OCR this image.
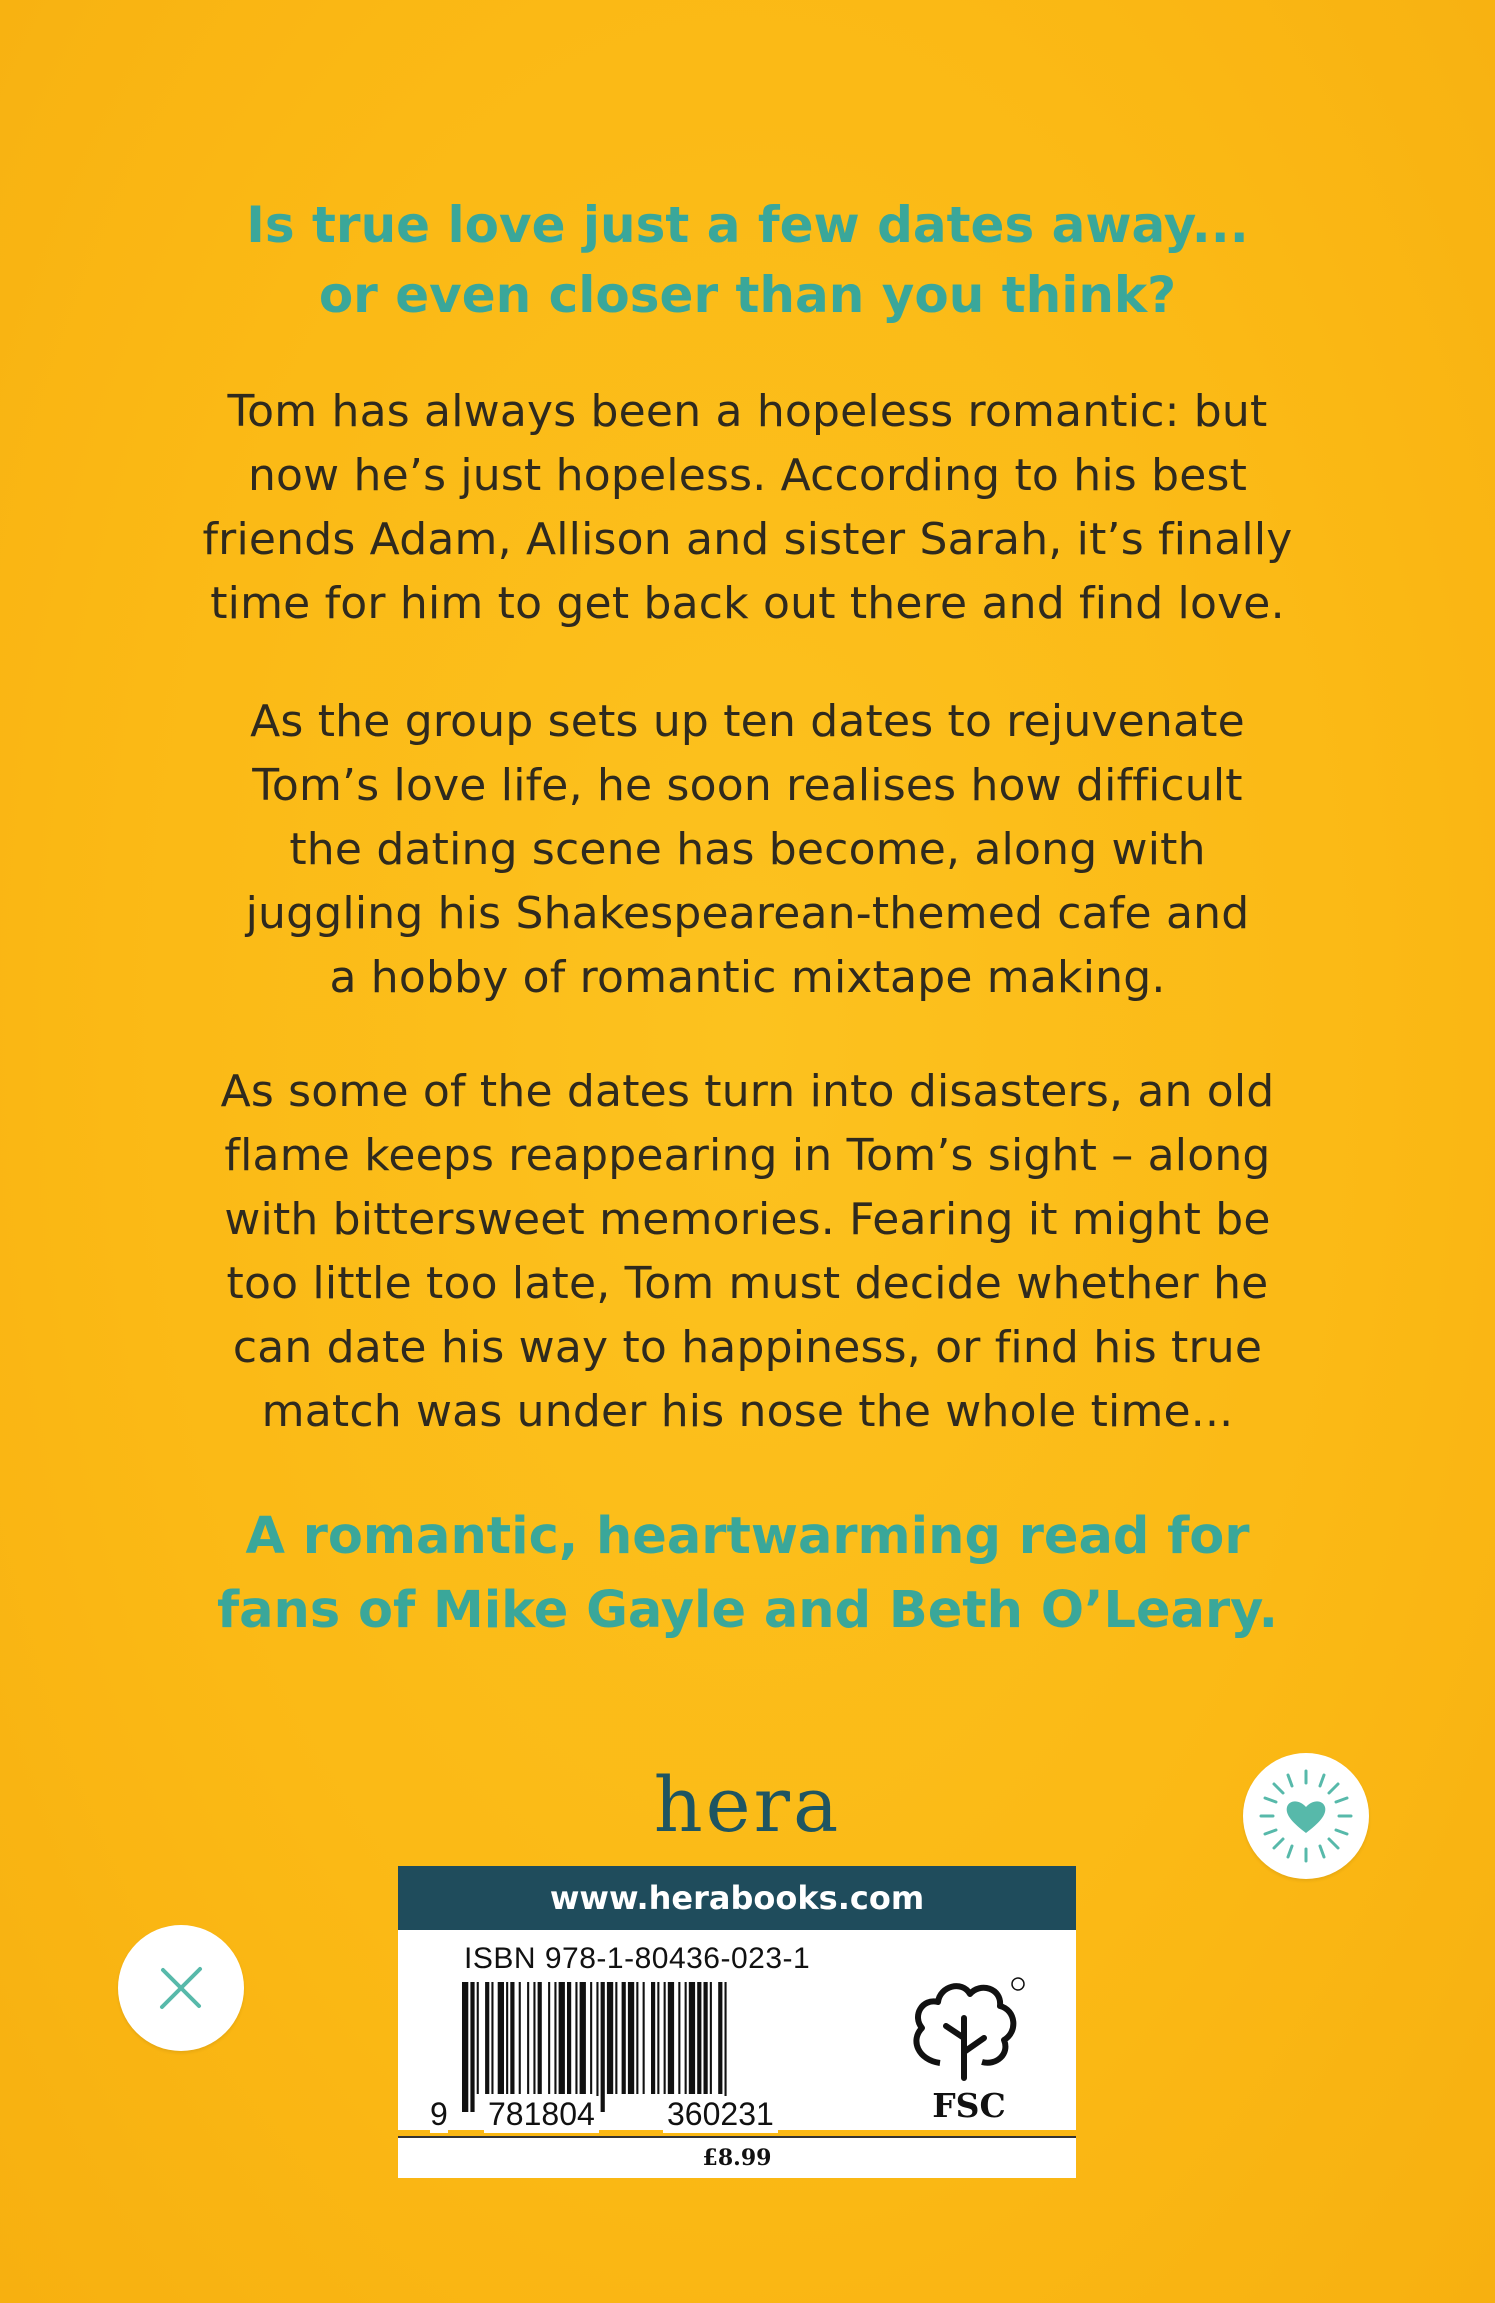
Is true love just a few dates away...
or even closer than you think?
Tom has always been a hopeless romantic: but
now he’s just hopeless. According to his best
friends Adam, Allison and sister Sarah, it’s finally
time for him to get back out there and find love.
As the group sets up ten dates to rejuvenate
Tom’s love life, he soon realises how difficult
the dating scene has become, along with
juggling his Shakespearean-themed cafe and
a hobby of romantic mixtape making.
As some of the dates turn into disasters, an old
flame keeps reappearing in Tom’s sight – along
with bittersweet memories. Fearing it might be
too little too late, Tom must decide whether he
can date his way to happiness, or find his true
match was under his nose the whole time...
A romantic, heartwarming read for
fans of Mike Gayle and Beth O’Leary.
hera
www.herabooks.com
ISBN 978-1-80436-023-1
9 781804 360231	FSC
£8.99
